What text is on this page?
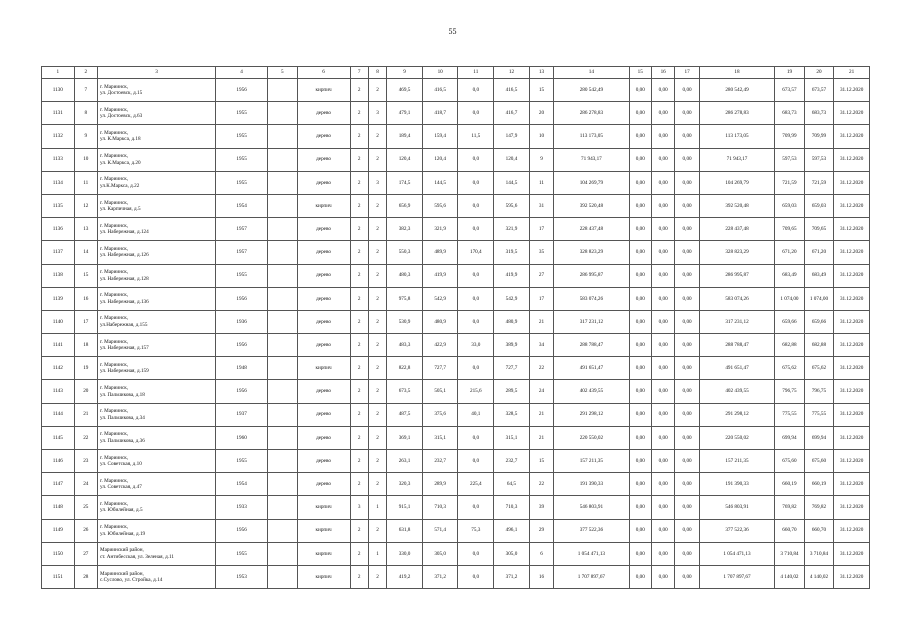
55
1	2	3	4	5	6	7	8	9	10	11	12	13	14	15	16	17	18	19	20	21
1130	7	г. Мариинск,
ул. Достоевск, д.15	1956		кирпич	2	2	469,5	416,5	0,0	416,5	15	280 542,49	0,00	0,00	0,00	280 542,49	673,57	673,57	31.12.2020
1131	8	г. Мариинск,
ул. Достоевск, д.63	1955		дерево	2	3	479,1	418,7	0,0	416,7	20	286 278,83	0,00	0,00	0,00	286 278,83	683,73	683,73	31.12.2020
1132	9	г. Мариинск,
ул. К.Маркса, д.18	1955		дерево	2	2	189,4	159,4	11,5	147,9	10	113 173,05	0,00	0,00	0,00	113 173,05	709,99	709,99	31.12.2020
1133	10	г. Мариинск,
ул. К.Маркса, д.20	1955		дерево	2	2	120,4	120,4	0,0	120,4	9	71 943,17	0,00	0,00	0,00	71 943,17	597,53	597,53	31.12.2020
1134	11	г. Мариинск,
ул.К.Маркса, д.22	1955		дерево	2	3	174,5	144,5	0,0	144,5	11	104 269,79	0,00	0,00	0,00	104 269,79	721,59	721,59	31.12.2020
1135	12	г. Мариинск,
ул. Карпичная, д.5	1954		кирпич	2	2	656,9	595,6	0,0	595,6	31	392 520,48	0,00	0,00	0,00	392 520,48	659,03	659,03	31.12.2020
1136	13	г. Мариинск,
ул. Набережная, д.124	1957		дерево	2	2	382,3	321,9	0,0	321,9	17	228 437,48	0,00	0,00	0,00	228 437,48	709,65	709,65	31.12.2020
1137	14	г. Мариинск,
ул. Набережная, д.126	1957		дерево	2	2	550,3	489,9	170,4	319,5	35	328 823,29	0,00	0,00	0,00	328 823,29	671,20	671,20	31.12.2020
1138	15	г. Мариинск,
ул. Набережная, д.128	1955		дерево	2	2	480,3	419,9	0,0	419,9	27	286 995,87	0,00	0,00	0,00	286 995,87	683,49	683,49	31.12.2020
1139	16	г. Мариинск,
ул. Набережная, д.136	1956		дерево	2	2	975,8	542,9	0,0	542,9	17	583 074,26	0,00	0,00	0,00	583 074,26	1 074,00	1 074,00	31.12.2020
1140	17	г. Мариинск,
ул.Набережная, д.155	1936		дерево	2	2	530,9	480,9	0,0	480,9	21	317 231,12	0,00	0,00	0,00	317 231,12	659,66	659,66	31.12.2020
1141	18	г. Мариинск,
ул. Набережная, д.157	1956		дерево	2	2	483,3	422,9	33,0	389,9	34	288 788,47	0,00	0,00	0,00	288 788,47	682,88	682,88	31.12.2020
1142	19	г. Мариинск,
ул. Набережная, д.159	1948		кирпич	2	2	822,8	727,7	0,0	727,7	22	491 651,47	0,00	0,00	0,00	491 651,47	675,62	675,62	31.12.2020
1143	20	г. Мариинск,
ул. Пальчикова, д.18	1956		дерево	2	2	673,5	505,1	215,6	289,5	24	402 439,55	0,00	0,00	0,00	402 439,55	796,75	796,75	31.12.2020
1144	21	г. Мариинск,
ул. Пальчикова, д.34	1937		дерево	2	2	487,5	375,6	40,1	328,5	21	291 298,12	0,00	0,00	0,00	291 298,12	775,55	775,55	31.12.2020
1145	22	г. Мариинск,
ул. Пальчикова, д.36	1960		дерево	2	2	369,1	315,1	0,0	315,1	21	220 550,02	0,00	0,00	0,00	220 550,02	699,94	699,94	31.12.2020
1146	23	г. Мариинск,
ул. Советская, д.10	1955		дерево	2	2	263,1	232,7	0,0	232,7	15	157 211,35	0,00	0,00	0,00	157 211,35	675,60	675,60	31.12.2020
1147	24	г. Мариинск,
ул. Советская, д.47	1954		дерево	2	2	320,3	289,9	225,4	64,5	22	191 390,33	0,00	0,00	0,00	191 390,33	660,19	660,19	31.12.2020
1148	25	г. Мариинск,
ул. Юбилейная, д.5	1933		кирпич	3	1	915,1	710,3	0,0	710,3	39	546 803,91	0,00	0,00	0,00	546 803,91	769,82	769,82	31.12.2020
1149	26	г. Мариинск,
ул. Юбилейная, д.19	1956		кирпич	2	2	631,8	571,4	75,3	496,1	29	377 522,36	0,00	0,00	0,00	377 522,36	660,70	660,70	31.12.2020
1150	27	Мариинский район,
ст. Антибесская, ул. Зеленая, д.11	1955		кирпич	2	1	330,0	305,0	0,0	305,0	6	1 054 471,13	0,00	0,00	0,00	1 054 471,13	3 710,84	3 710,84	31.12.2020
1151	28	Мариинский район,
с.Суслово, ул. Стройка, д.14	1953		кирпич	2	2	419,2	371,2	0,0	371,2	16	1 707 897,67	0,00	0,00	0,00	1 707 897,67	4 140,02	4 140,02	31.12.2020
